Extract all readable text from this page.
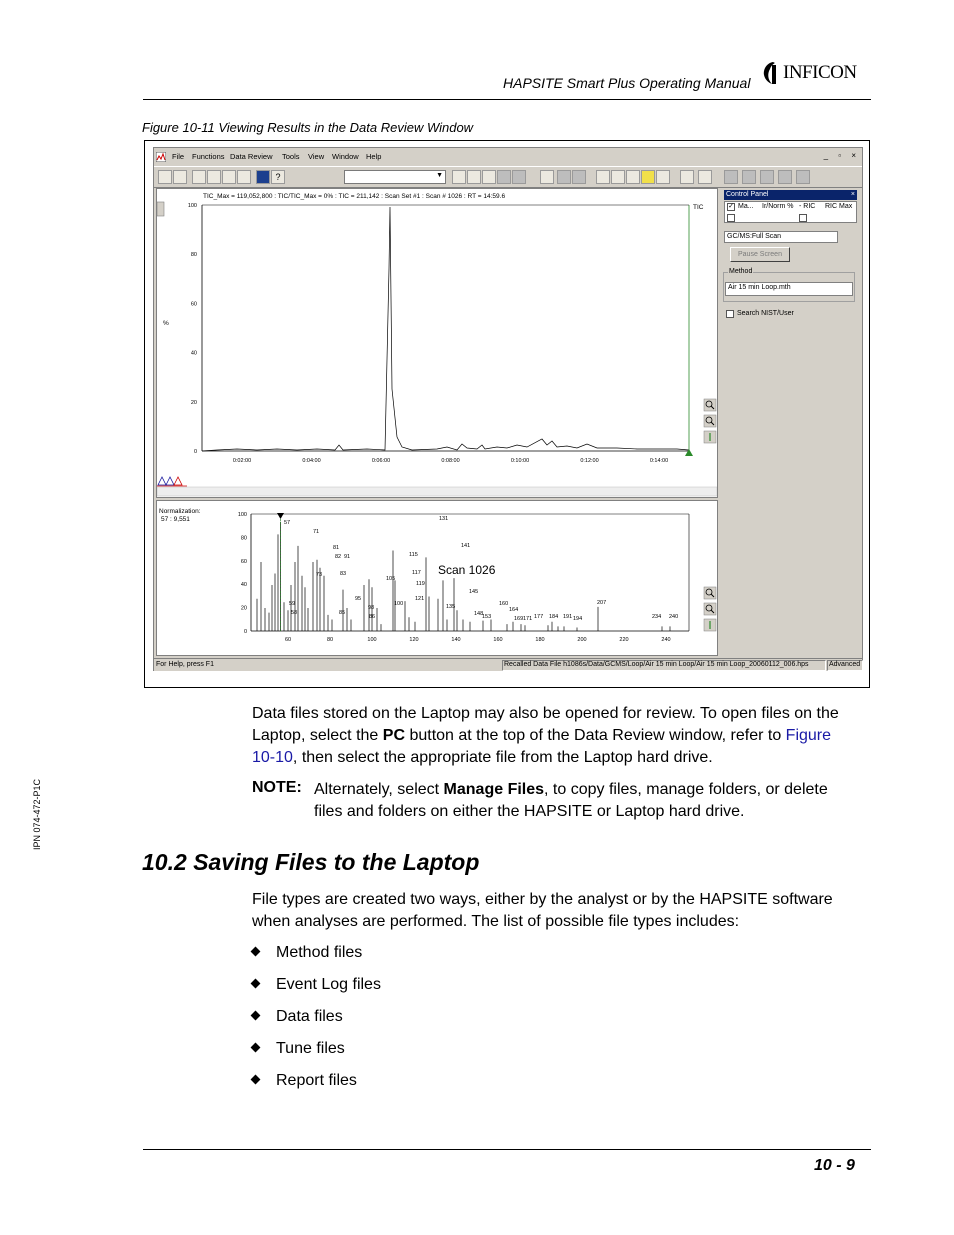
HAPSITE Smart Plus Operating Manual INFICON
Figure 10-11 Viewing Results in the Data Review Window
File Functions Data Review Tools View Window Help	_ ▫ ×
?	▼
TIC_Max = 119,052,800 : TIC/TIC_Max = 0% : TIC = 211,142 : Scan Set #1 : Scan # 1026 : RT = 14:59.6
TIC
%
100
80
60
40
20
0
0:02:00	0:04:00	0:06:00	0:08:00	0:10:00	0:12:00	0:14:00
Normalization:
57 : 9,551
100
80
60
40
20
0
60	80	100	120	140	160	180	200	220	240
Scan 1026
57
71
81
82 91
73	83
115
131
141
117
119
105
95
98
100
121
135
145
160
164
177 184 191 194
207
234 240
153	169 171
85
86
59
58	148
Control Panel	×
✓ Ma... Ir/Norm % - RIC RIC Max
GC/MS:Full Scan
Pause Screen
Method
Air 15 min Loop.mth
Search NIST/User
For Help, press F1	Recalled Data File h1086s/Data/GCMS/Loop/Air 15 min Loop/Air 15 min Loop_20060112_006.hps	Advanced
Data files stored on the Laptop may also be opened for review. To open files on the
Laptop, select the PC button at the top of the Data Review window, refer to Figure
10-10, then select the appropriate file from the Laptop hard drive.
NOTE: Alternately, select Manage Files, to copy files, manage folders, or delete
files and folders on either the HAPSITE or Laptop hard drive.
10.2 Saving Files to the Laptop
File types are created two ways, either by the analyst or by the HAPSITE software
when analyses are performed. The list of possible file types includes:
Method files
Event Log files
Data files
Tune files
Report files
IPN 074-472-P1C
10 - 9
